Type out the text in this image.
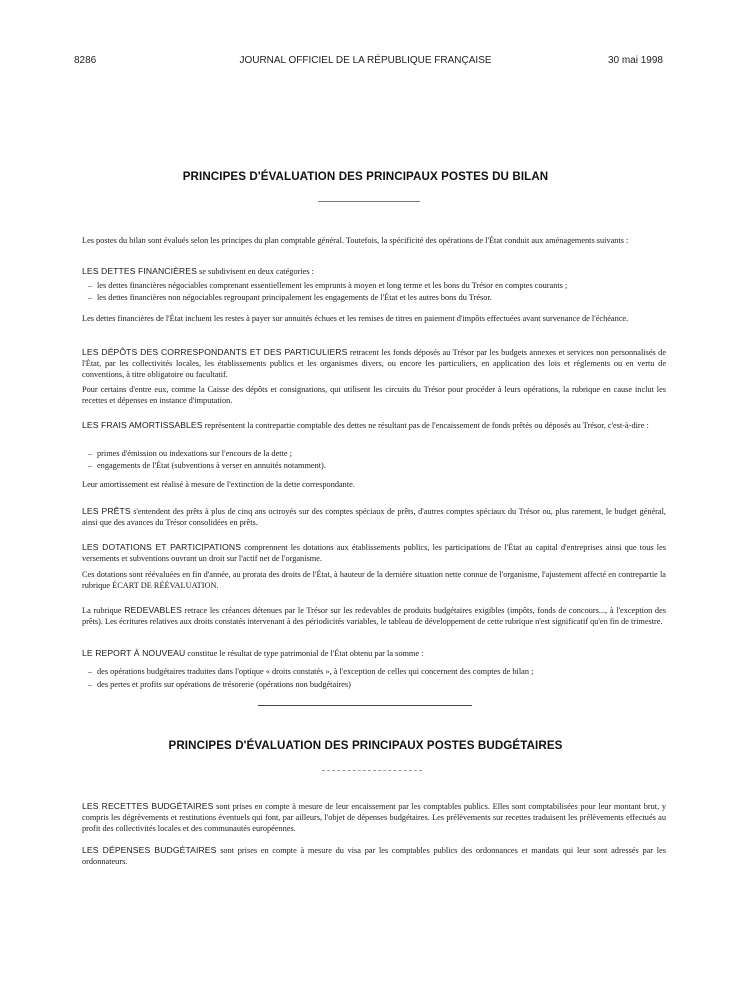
8286	JOURNAL OFFICIEL DE LA RÉPUBLIQUE FRANÇAISE	30 mai 1998
PRINCIPES D'ÉVALUATION DES PRINCIPAUX POSTES DU BILAN
Les postes du bilan sont évalués selon les principes du plan comptable général. Toutefois, la spécificité des opérations de l'État conduit aux aménagements suivants :
LES DETTES FINANCIÈRES se subdivisent en deux catégories :
– les dettes financières négociables comprenant essentiellement les emprunts à moyen et long terme et les bons du Trésor en comptes courants ;
– les dettes financières non négociables regroupant principalement les engagements de l'État et les autres bons du Trésor.
Les dettes financières de l'État incluent les restes à payer sur annuités échues et les remises de titres en paiement d'impôts effectuées avant survenance de l'échéance.
LES DÉPÔTS DES CORRESPONDANTS ET DES PARTICULIERS retracent les fonds déposés au Trésor par les budgets annexes et services non personnalisés de l'État, par les collectivités locales, les établissements publics et les organismes divers, ou encore les particuliers, en application des lois et règlements ou en vertu de conventions, à titre obligatoire ou facultatif.
Pour certains d'entre eux, comme la Caisse des dépôts et consignations, qui utilisent les circuits du Trésor pour procéder à leurs opérations, la rubrique en cause inclut les recettes et dépenses en instance d'imputation.
LES FRAIS AMORTISSABLES représentent la contrepartie comptable des dettes ne résultant pas de l'encaissement de fonds prêtés ou déposés au Trésor, c'est-à-dire :
– primes d'émission ou indexations sur l'encours de la dette ;
– engagements de l'État (subventions à verser en annuités notamment).
Leur amortissement est réalisé à mesure de l'extinction de la dette correspondante.
LES PRÊTS s'entendent des prêts à plus de cinq ans octroyés sur des comptes spéciaux de prêts, d'autres comptes spéciaux du Trésor ou, plus rarement, le budget général, ainsi que des avances du Trésor consolidées en prêts.
LES DOTATIONS ET PARTICIPATIONS comprennent les dotations aux établissements publics, les participations de l'État au capital d'entreprises ainsi que tous les versements et subventions ouvrant un droit sur l'actif net de l'organisme.
Ces dotations sont réévaluées en fin d'année, au prorata des droits de l'État, à hauteur de la dernière situation nette connue de l'organisme, l'ajustement affecté en contrepartie la rubrique ÉCART DE RÉÉVALUATION.
La rubrique REDEVABLES retrace les créances détenues par le Trésor sur les redevables de produits budgétaires exigibles (impôts, fonds de concours..., à l'exception des prêts). Les écritures relatives aux droits constatés intervenant à des périodicités variables, le tableau de développement de cette rubrique n'est significatif qu'en fin de trimestre.
LE REPORT À NOUVEAU constitue le résultat de type patrimonial de l'État obtenu par la somme :
– des opérations budgétaires traduites dans l'optique « droits constatés », à l'exception de celles qui concernent des comptes de bilan ;
– des pertes et profits sur opérations de trésorerie (opérations non budgétaires)
PRINCIPES D'ÉVALUATION DES PRINCIPAUX POSTES BUDGÉTAIRES
LES RECETTES BUDGÉTAIRES sont prises en compte à mesure de leur encaissement par les comptables publics. Elles sont comptabilisées pour leur montant brut, y compris les dégrèvements et restitutions éventuels qui font, par ailleurs, l'objet de dépenses budgétaires. Les prélèvements sur recettes traduisent les prélèvements effectués au profit des collectivités locales et des communautés européennes.
LES DÉPENSES BUDGÉTAIRES sont prises en compte à mesure du visa par les comptables publics des ordonnances et mandats qui leur sont adressés par les ordonnateurs.
